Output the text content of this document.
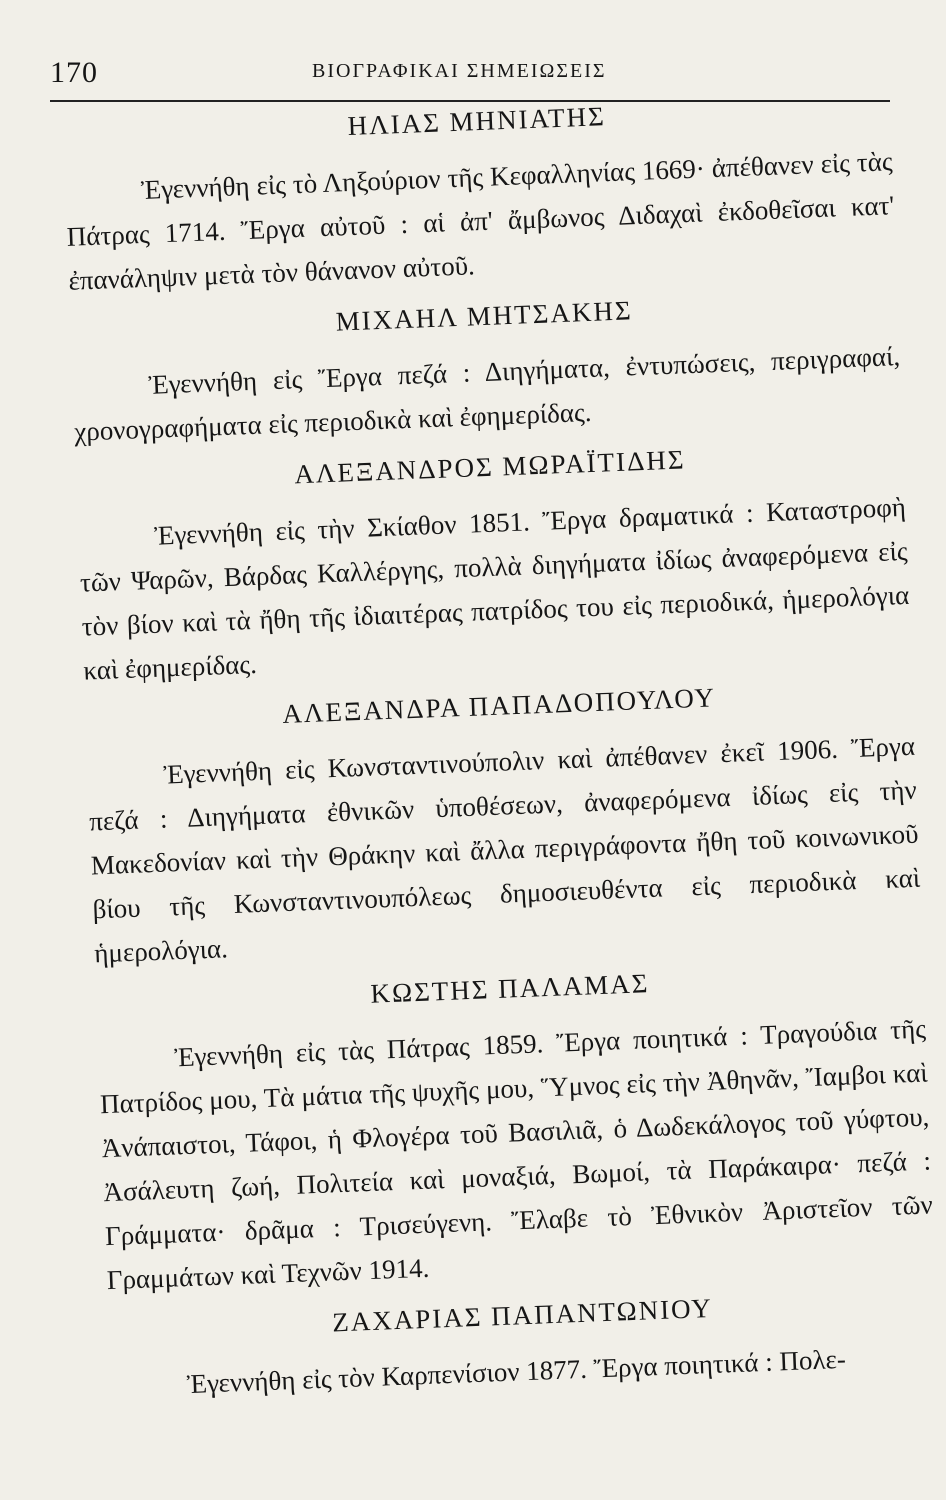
170	ΒΙΟΓΡΑΦΙΚΑΙ ΣΗΜΕΙΩΣΕΙΣ
ΗΛΙΑΣ ΜΗΝΙΑΤΗΣ

Ἐγεννήθη εἰς τὸ Ληξούριον τῆς Κεφαλληνίας 1669· ἀπέθανεν εἰς τὰς Πάτρας 1714. Ἔργα αὐτοῦ : αἱ ἀπ' ἄμβωνος Διδαχαὶ ἐκδοθεῖσαι κατ' ἐπανάληψιν μετὰ τὸν θάνανον αὐτοῦ.

ΜΙΧΑΗΛ ΜΗΤΣΑΚΗΣ

Ἐγεννήθη εἰς Ἔργα πεζά : Διηγήματα, ἐντυπώσεις, περιγραφαί, χρονογραφήματα εἰς περιοδικὰ καὶ ἐφημερίδας.

ΑΛΕΞΑΝΔΡΟΣ ΜΩΡΑΪΤΙΔΗΣ

Ἐγεννήθη εἰς τὴν Σκίαθον 1851. Ἔργα δραματικά : Καταστροφὴ τῶν Ψαρῶν, Βάρδας Καλλέργης, πολλὰ διηγήματα ἰδίως ἀναφερόμενα εἰς τὸν βίον καὶ τὰ ἤθη τῆς ἰδιαιτέρας πατρίδος του εἰς περιοδικά, ἡμερολόγια καὶ ἐφημερίδας.

ΑΛΕΞΑΝΔΡΑ ΠΑΠΑΔΟΠΟΥΛΟΥ

Ἐγεννήθη εἰς Κωνσταντινούπολιν καὶ ἀπέθανεν ἐκεῖ 1906. Ἔργα πεζά : Διηγήματα ἐθνικῶν ὑποθέσεων, ἀναφερόμενα ἰδίως εἰς τὴν Μακεδονίαν καὶ τὴν Θράκην καὶ ἄλλα περιγράφοντα ἤθη τοῦ κοινωνικοῦ βίου τῆς Κωνσταντινουπόλεως δημοσιευθέντα εἰς περιοδικὰ καὶ ἡμερολόγια.

ΚΩΣΤΗΣ ΠΑΛΑΜΑΣ

Ἐγεννήθη εἰς τὰς Πάτρας 1859. Ἔργα ποιητικά : Τραγούδια τῆς Πατρίδος μου, Τὰ μάτια τῆς ψυχῆς μου, Ὕμνος εἰς τὴν Ἀθηνᾶν, Ἴαμβοι καὶ Ἀνάπαιστοι, Τάφοι, ἡ Φλογέρα τοῦ Βασιλιᾶ, ὁ Δωδεκάλογος τοῦ γύφτου, Ἀσάλευτη ζωή, Πολιτεία καὶ μοναξιά, Βωμοί, τὰ Παράκαιρα· πεζά : Γράμματα· δρᾶμα : Τρισεύγενη. Ἔλαβε τὸ Ἐθνικὸν Ἀριστεῖον τῶν Γραμμάτων καὶ Τεχνῶν 1914.

ΖΑΧΑΡΙΑΣ ΠΑΠΑΝΤΩΝΙΟΥ

Ἐγεννήθη εἰς τὸν Καρπενίσιον 1877. Ἔργα ποιητικά : Πολε-
